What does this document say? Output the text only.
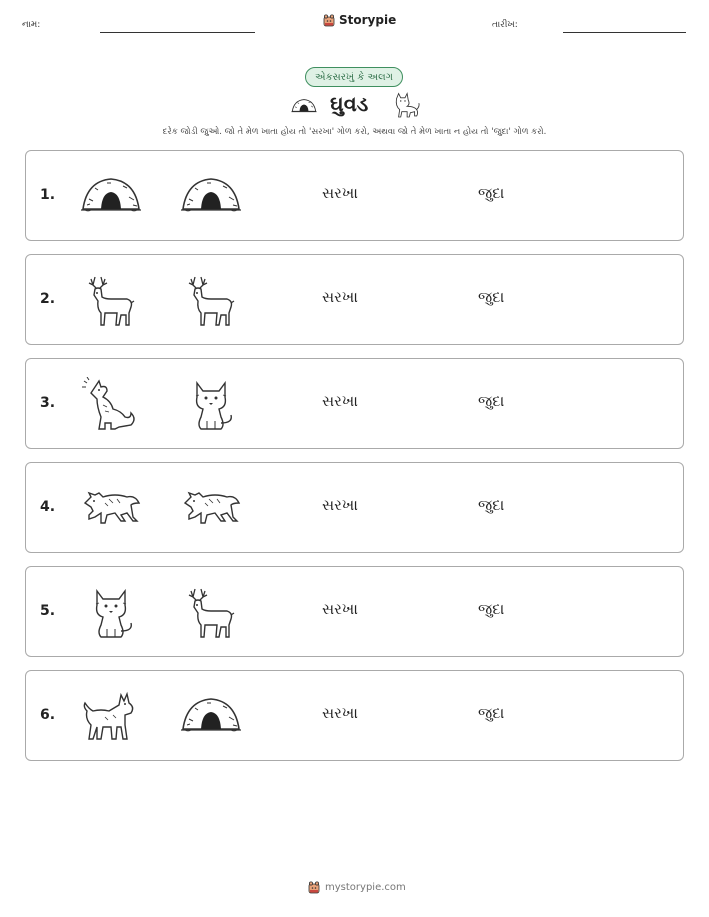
નામ:	Storypie	તારીખ:
એકસરખું કે અલગ
ઘુવડ
દરેક જોડી જુઓ. જો તે મેળ ખાતા હોય તો 'સરખા' ગોળ કરો, અથવા જો તે મેળ ખાતા ન હોય તો 'જુદા' ગોળ કરો.
1.	સરખા	જુદા
2.	સરખા	જુદા
3.	સરખા	જુદા
4.	સરખા	જુદા
5.	સરખા	જુદા
6.	સરખા	જુદા
mystorypie.com
